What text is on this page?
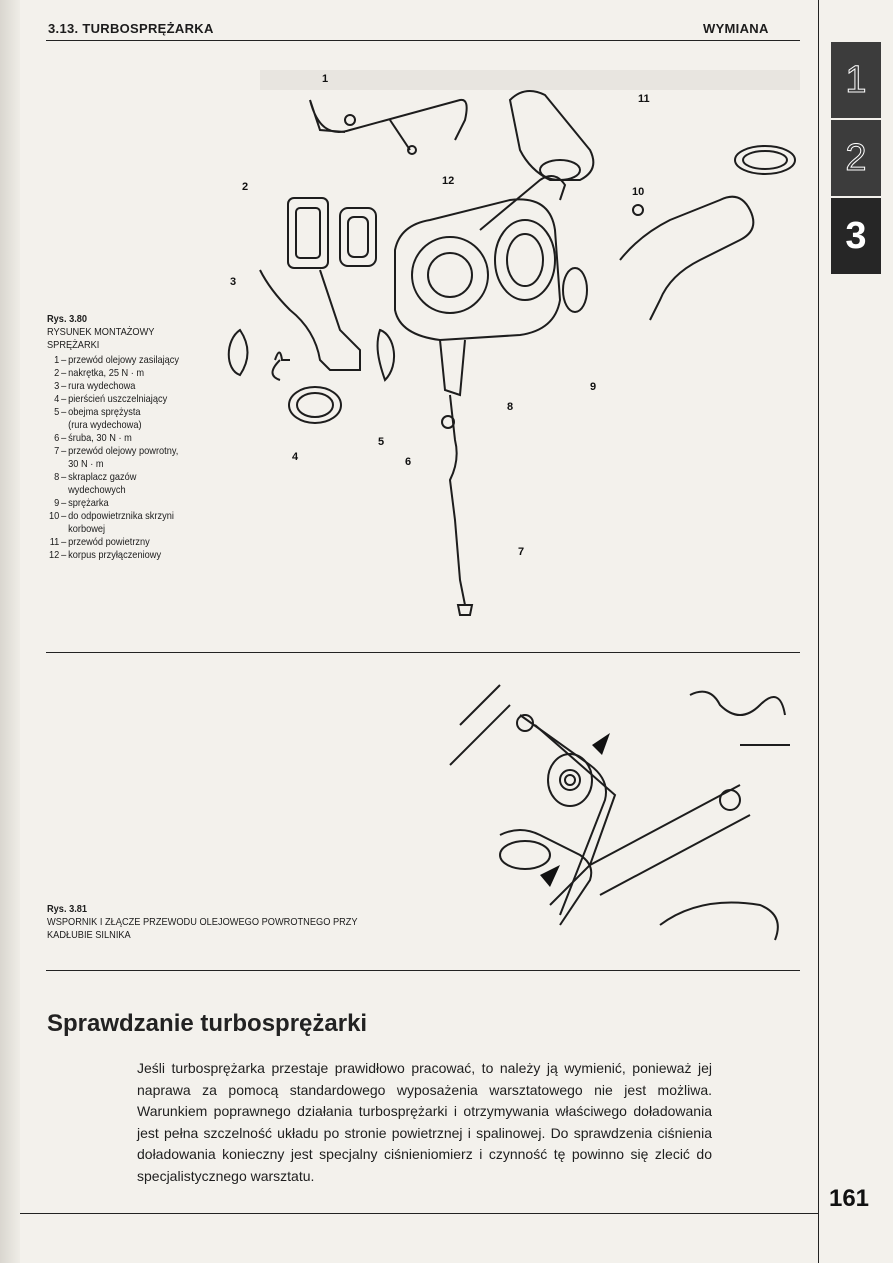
3.13. TURBOSPRĘŻARKA	WYMIANA
1
2
3
Rys. 3.80
RYSUNEK MONTAŻOWY
SPRĘŻARKI
1 – przewód olejowy zasilający
2 – nakrętka, 25 N · m
3 – rura wydechowa
4 – pierścień uszczelniający
5 – obejma sprężysta
(rura wydechowa)
6 – śruba, 30 N · m
7 – przewód olejowy powrotny,
30 N · m
8 – skraplacz gazów
wydechowych
9 – sprężarka
10 – do odpowietrznika skrzyni
korbowej
11 – przewód powietrzny
12 – korpus przyłączeniowy
1
2
3
4
5
6
7
8
9
10
11
12
Rys. 3.81
WSPORNIK I ZŁĄCZE PRZEWODU OLEJOWEGO POWROTNEGO PRZY
KADŁUBIE SILNIKA
Sprawdzanie turbosprężarki
Jeśli turbosprężarka przestaje prawidłowo pracować, to należy ją wymienić, ponieważ jej naprawa za pomocą standardowego wyposażenia warsztatowego nie jest możliwa. Warunkiem poprawnego działania turbosprężarki i otrzymywania właściwego doładowania jest pełna szczelność układu po stronie powietrznej i spalinowej. Do sprawdzenia ciśnienia doładowania konieczny jest specjalny ciśnieniomierz i czynność tę powinno się zlecić do specjalistycznego warsztatu.
161
